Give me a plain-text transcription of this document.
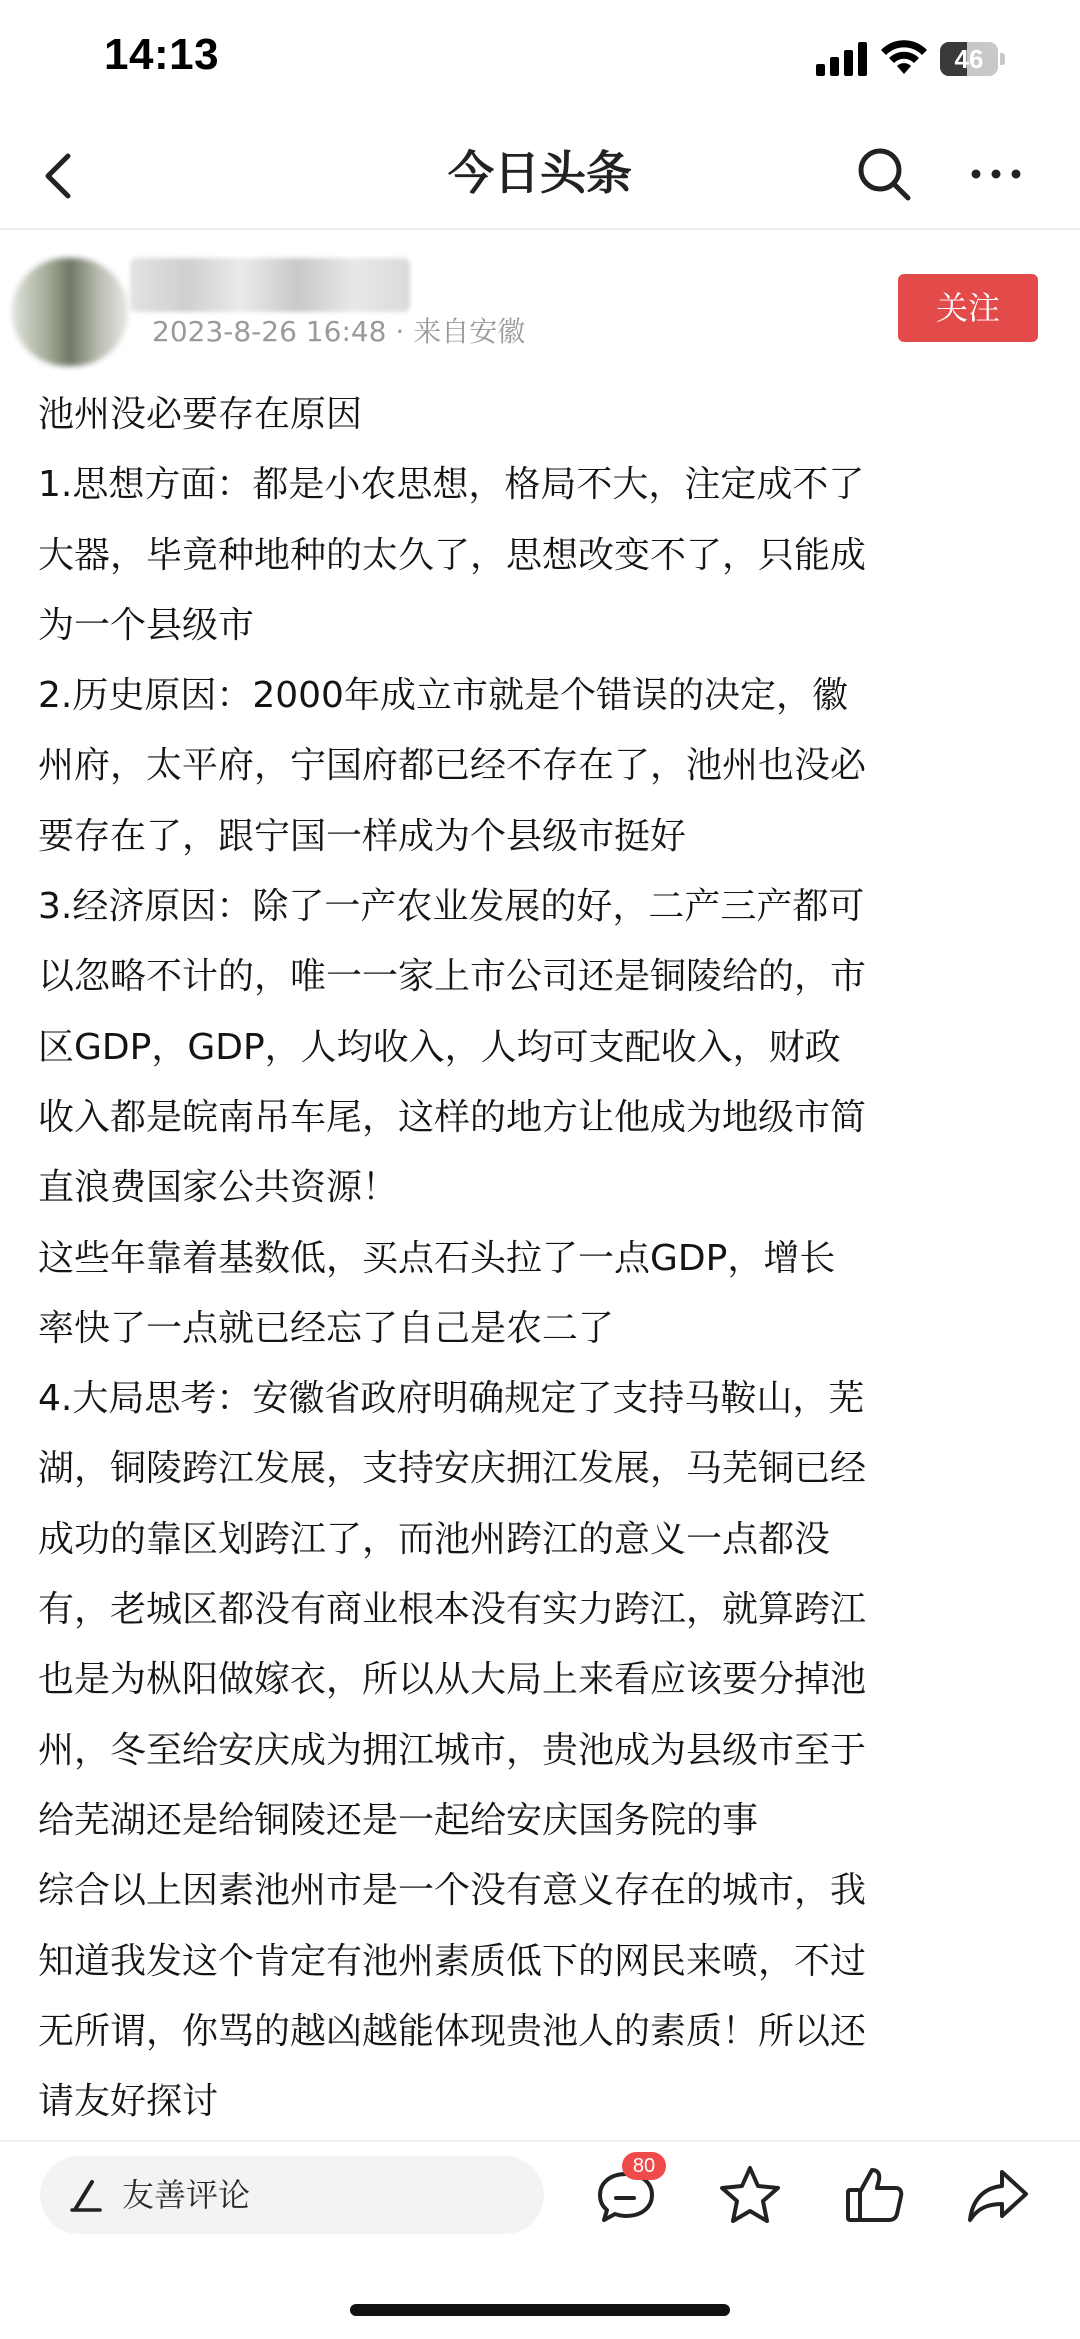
14:13	46
今日头条
2023-8-26 16:48 · 来自安徽
关注
池州没必要存在原因
1.思想方面：都是小农思想，格局不大，注定成不了
大器，毕竟种地种的太久了，思想改变不了，只能成
为一个县级市
2.历史原因：2000年成立市就是个错误的决定，徽
州府，太平府，宁国府都已经不存在了，池州也没必
要存在了，跟宁国一样成为个县级市挺好
3.经济原因：除了一产农业发展的好，二产三产都可
以忽略不计的，唯一一家上市公司还是铜陵给的，市
区GDP，GDP，人均收入，人均可支配收入，财政
收入都是皖南吊车尾，这样的地方让他成为地级市简
直浪费国家公共资源！
这些年靠着基数低，买点石头拉了一点GDP，增长
率快了一点就已经忘了自己是农二了
4.大局思考：安徽省政府明确规定了支持马鞍山，芜
湖，铜陵跨江发展，支持安庆拥江发展，马芜铜已经
成功的靠区划跨江了，而池州跨江的意义一点都没
有，老城区都没有商业根本没有实力跨江，就算跨江
也是为枞阳做嫁衣，所以从大局上来看应该要分掉池
州，冬至给安庆成为拥江城市，贵池成为县级市至于
给芜湖还是给铜陵还是一起给安庆国务院的事
综合以上因素池州市是一个没有意义存在的城市，我
知道我发这个肯定有池州素质低下的网民来喷，不过
无所谓，你骂的越凶越能体现贵池人的素质！所以还
请友好探讨
友善评论
80
